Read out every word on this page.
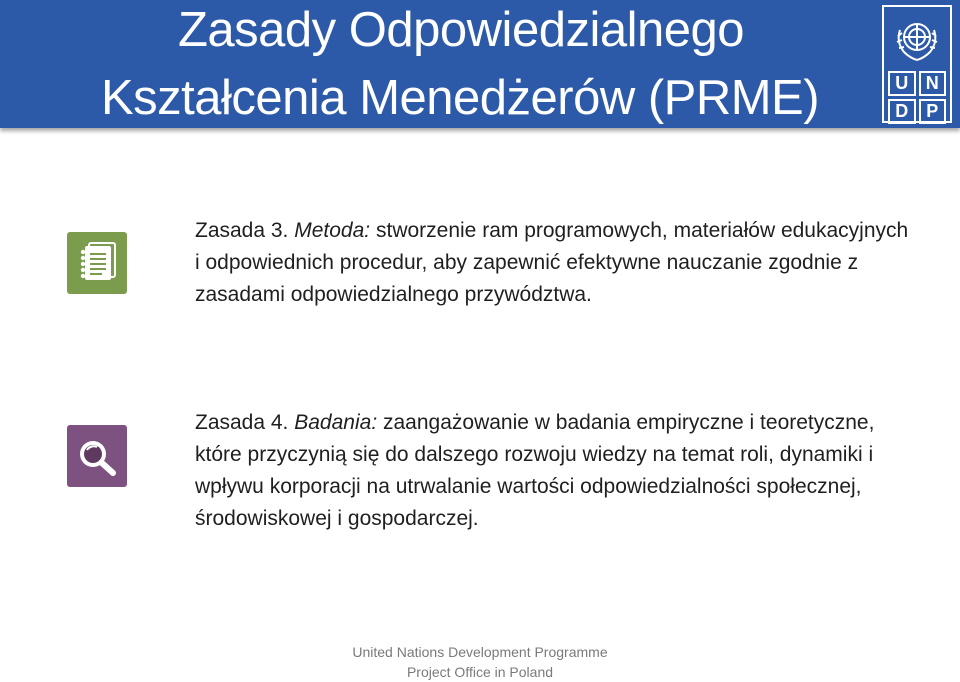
Zasady Odpowiedzialnego
Kształcenia Menedżerów (PRME)	U N
D P
Zasada 3. Metoda: stworzenie ram programowych, materiałów edukacyjnych i odpowiednich procedur, aby zapewnić efektywne nauczanie zgodnie z zasadami odpowiedzialnego przywództwa.
Zasada 4. Badania: zaangażowanie w badania empiryczne i teoretyczne, które przyczynią się do dalszego rozwoju wiedzy na temat roli, dynamiki i wpływu korporacji na utrwalanie wartości odpowiedzialności społecznej, środowiskowej i gospodarczej.
United Nations Development Programme
Project Office in Poland
